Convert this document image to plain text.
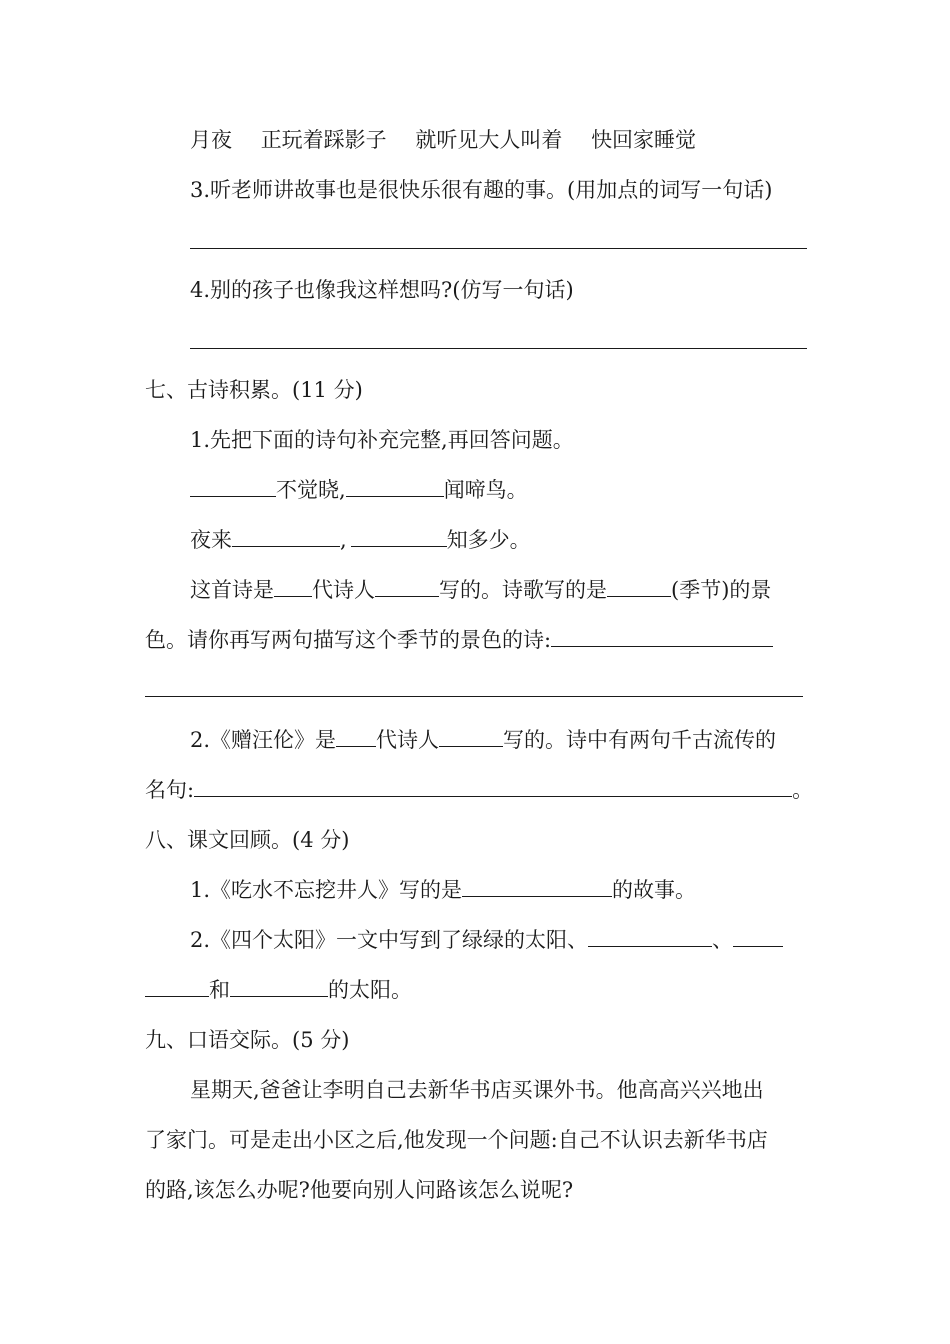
月夜 正玩着踩影子 就听见大人叫着 快回家睡觉
3.听老师讲故事也是很快乐很有趣的事。(用加点的词写一句话)
4.别的孩子也像我这样想吗?(仿写一句话)
七、古诗积累。(11 分)
1.先把下面的诗句补充完整,再回答问题。
不觉晓,	闻啼鸟。
夜来	,	知多少。
这首诗是 代诗人	写的。诗歌写的是	(季节)的景
色。请你再写两句描写这个季节的景色的诗:
2.《赠汪伦》是 代诗人	写的。诗中有两句千古流传的
名句:	。
八、课文回顾。(4 分)
1.《吃水不忘挖井人》写的是	的故事。
2.《四个太阳》一文中写到了绿绿的太阳、	、
和	的太阳。
九、口语交际。(5 分)
星期天,爸爸让李明自己去新华书店买课外书。他高高兴兴地出
了家门。可是走出小区之后,他发现一个问题:自己不认识去新华书店
的路,该怎么办呢?他要向别人问路该怎么说呢?
